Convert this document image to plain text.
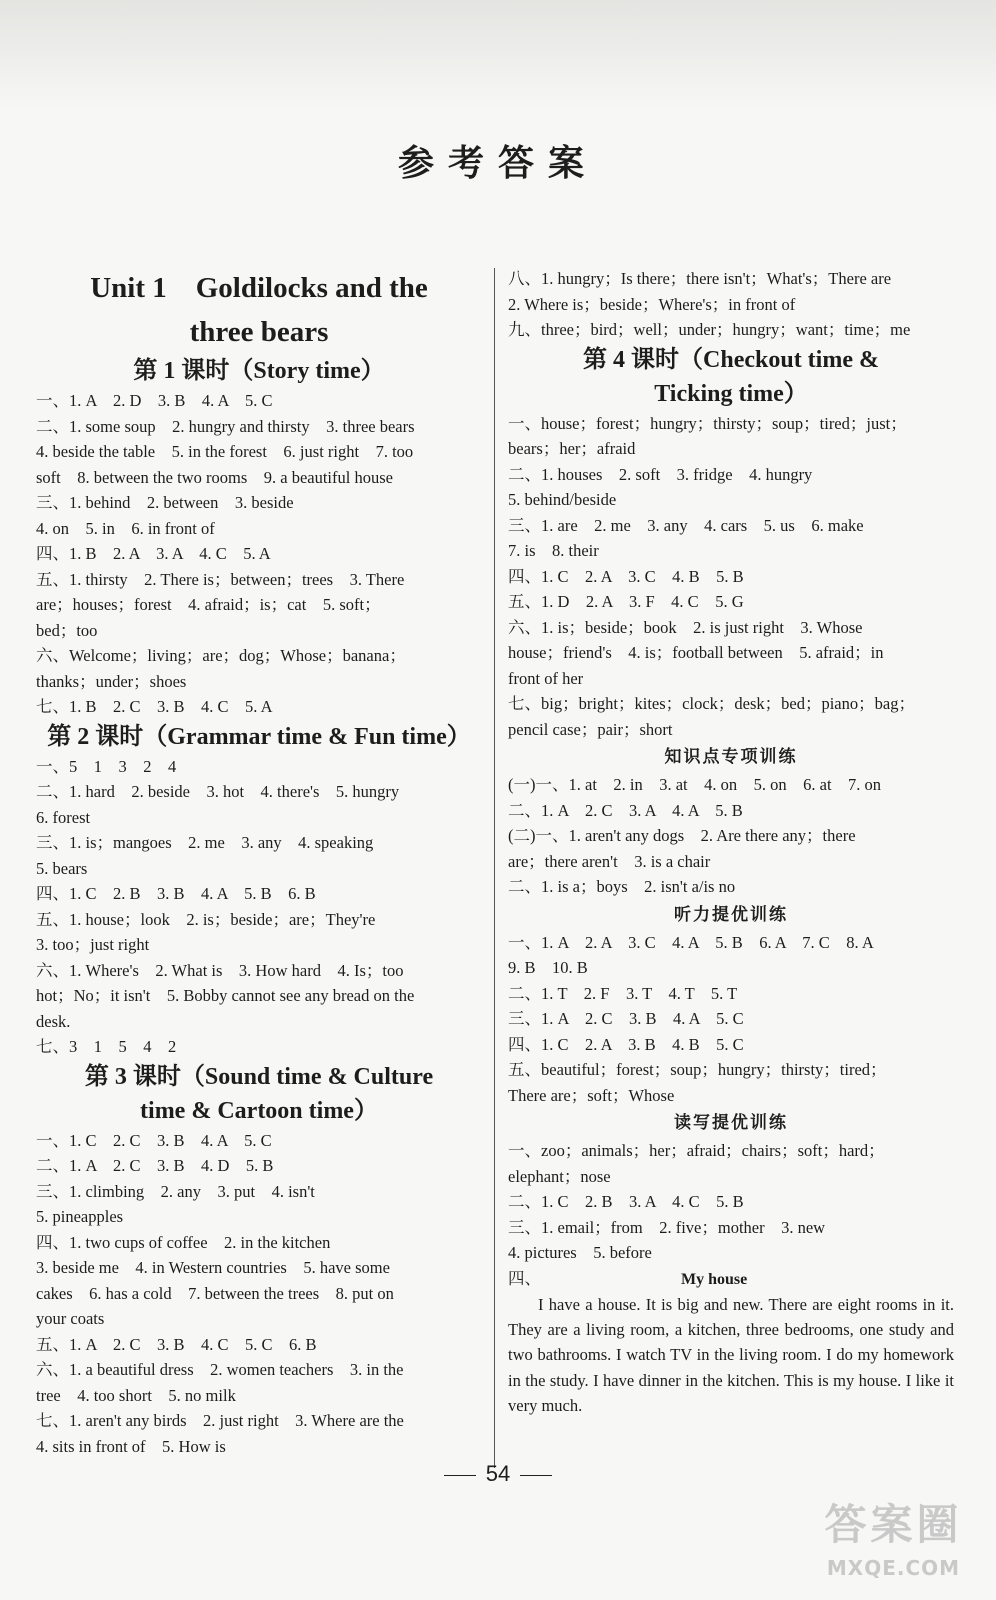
参考答案
Unit 1　Goldilocks and the
three bears
第 1 课时（Story time）
一、1. A　2. D　3. B　4. A　5. C
二、1. some soup　2. hungry and thirsty　3. three bears
4. beside the table　5. in the forest　6. just right　7. too
soft　8. between the two rooms　9. a beautiful house
三、1. behind　2. between　3. beside
4. on　5. in　6. in front of
四、1. B　2. A　3. A　4. C　5. A
五、1. thirsty　2. There is；between；trees　3. There
are；houses；forest　4. afraid；is；cat　5. soft；
bed；too
六、Welcome；living；are；dog；Whose；banana；
thanks；under；shoes
七、1. B　2. C　3. B　4. C　5. A
第 2 课时（Grammar time & Fun time）
一、5　1　3　2　4
二、1. hard　2. beside　3. hot　4. there's　5. hungry
6. forest
三、1. is；mangoes　2. me　3. any　4. speaking
5. bears
四、1. C　2. B　3. B　4. A　5. B　6. B
五、1. house；look　2. is；beside；are；They're
3. too；just right
六、1. Where's　2. What is　3. How hard　4. Is；too
hot；No；it isn't　5. Bobby cannot see any bread on the
desk.
七、3　1　5　4　2
第 3 课时（Sound time & Culture
time & Cartoon time）
一、1. C　2. C　3. B　4. A　5. C
二、1. A　2. C　3. B　4. D　5. B
三、1. climbing　2. any　3. put　4. isn't
5. pineapples
四、1. two cups of coffee　2. in the kitchen
3. beside me　4. in Western countries　5. have some
cakes　6. has a cold　7. between the trees　8. put on
your coats
五、1. A　2. C　3. B　4. C　5. C　6. B
六、1. a beautiful dress　2. women teachers　3. in the
tree　4. too short　5. no milk
七、1. aren't any birds　2. just right　3. Where are the
4. sits in front of　5. How is
八、1. hungry；Is there；there isn't；What's；There are
2. Where is；beside；Where's；in front of
九、three；bird；well；under；hungry；want；time；me
第 4 课时（Checkout time &
Ticking time）
一、house；forest；hungry；thirsty；soup；tired；just；
bears；her；afraid
二、1. houses　2. soft　3. fridge　4. hungry
5. behind/beside
三、1. are　2. me　3. any　4. cars　5. us　6. make
7. is　8. their
四、1. C　2. A　3. C　4. B　5. B
五、1. D　2. A　3. F　4. C　5. G
六、1. is；beside；book　2. is just right　3. Whose
house；friend's　4. is；football between　5. afraid；in
front of her
七、big；bright；kites；clock；desk；bed；piano；bag；
pencil case；pair；short
知识点专项训练
(一)一、1. at　2. in　3. at　4. on　5. on　6. at　7. on
二、1. A　2. C　3. A　4. A　5. B
(二)一、1. aren't any dogs　2. Are there any；there
are；there aren't　3. is a chair
二、1. is a；boys　2. isn't a/is no
听力提优训练
一、1. A　2. A　3. C　4. A　5. B　6. A　7. C　8. A
9. B　10. B
二、1. T　2. F　3. T　4. T　5. T
三、1. A　2. C　3. B　4. A　5. C
四、1. C　2. A　3. B　4. B　5. C
五、beautiful；forest；soup；hungry；thirsty；tired；
There are；soft；Whose
读写提优训练
一、zoo；animals；her；afraid；chairs；soft；hard；
elephant；nose
二、1. C　2. B　3. A　4. C　5. B
三、1. email；from　2. five；mother　3. new
4. pictures　5. before
四、	My house
I have a house. It is big and new. There are eight rooms in it. They are a living room, a kitchen, three bedrooms, one study and two bathrooms. I watch TV in the living room. I do my homework in the study. I have dinner in the kitchen. This is my house. I like it very much.
54
答案圈
MXQE.COM
